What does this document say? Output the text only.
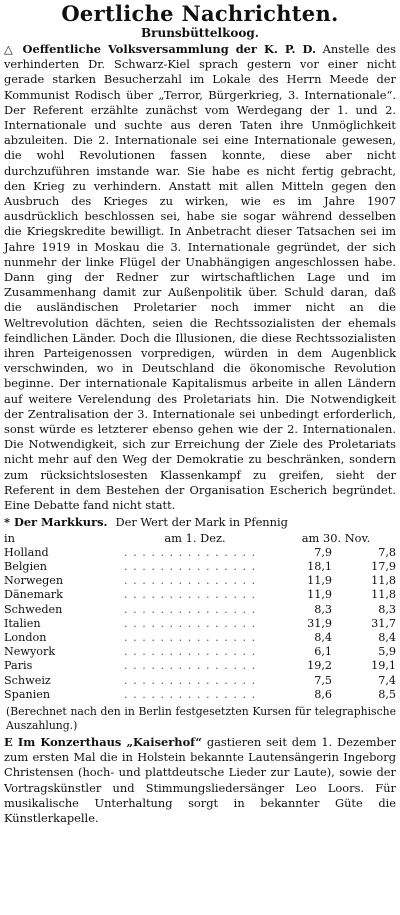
Oertliche Nachrichten.
Brunsbüttelkoog.

△ Oeffentliche Volksversammlung der K. P. D. Anstelle des verhinderten Dr. Schwarz-Kiel sprach gestern vor einer nicht gerade starken Besucherzahl im Lokale des Herrn Meede der Kommunist Rodisch über „Terror, Bürgerkrieg, 3. Internationale“. Der Referent erzählte zunächst vom Werdegang der 1. und 2. Internationale und suchte aus deren Taten ihre Unmöglichkeit abzuleiten. Die 2. Internationale sei eine Internationale gewesen, die wohl Revolutionen fassen konnte, diese aber nicht durchzuführen imstande war. Sie habe es nicht fertig gebracht, den Krieg zu verhindern. Anstatt mit allen Mitteln gegen den Ausbruch des Krieges zu wirken, wie es im Jahre 1907 ausdrücklich beschlossen sei, habe sie sogar während desselben die Kriegskredite bewilligt. In Anbetracht dieser Tatsachen sei im Jahre 1919 in Moskau die 3. Internationale gegründet, der sich nunmehr der linke Flügel der Unabhängigen angeschlossen habe. Dann ging der Redner zur wirtschaftlichen Lage und im Zusammenhang damit zur Außenpolitik über. Schuld daran, daß die ausländischen Proletarier noch immer nicht an die Weltrevolution dächten, seien die Rechtssozialisten der ehemals feindlichen Länder. Doch die Illusionen, die diese Rechtssozialisten ihren Parteigenossen vorpredigen, würden in dem Augenblick verschwinden, wo in Deutschland die ökonomische Revolution beginne. Der internationale Kapitalismus arbeite in allen Ländern auf weitere Verelendung des Proletariats hin. Die Notwendigkeit der Zentralisation der 3. Internationale sei unbedingt erforderlich, sonst würde es letzterer ebenso gehen wie der 2. Internationalen. Die Notwendigkeit, sich zur Erreichung der Ziele des Proletariats nicht mehr auf den Weg der Demokratie zu beschränken, sondern zum rücksichtslosesten Klassenkampf zu greifen, sieht der Referent in dem Bestehen der Organisation Escherich begründet. Eine Debatte fand nicht statt.

* Der Markkurs. Der Wert der Mark in Pfennig
in	am 1. Dez.	am 30. Nov.
Holland	. . . . . . . . . . . . . . .	7,9	7,8
Belgien	. . . . . . . . . . . . . . .	18,1	17,9
Norwegen	. . . . . . . . . . . . . . .	11,9	11,8
Dänemark	. . . . . . . . . . . . . . .	11,9	11,8
Schweden	. . . . . . . . . . . . . . .	8,3	8,3
Italien	. . . . . . . . . . . . . . .	31,9	31,7
London	. . . . . . . . . . . . . . .	8,4	8,4
Newyork	. . . . . . . . . . . . . . .	6,1	5,9
Paris	. . . . . . . . . . . . . . .	19,2	19,1
Schweiz	. . . . . . . . . . . . . . .	7,5	7,4
Spanien	. . . . . . . . . . . . . . .	8,6	8,5
(Berechnet nach den in Berlin festgesetzten Kursen für telegraphische Auszahlung.)

E Im Konzerthaus „Kaiserhof“ gastieren seit dem 1. Dezember zum ersten Mal die in Holstein bekannte Lautensängerin Ingeborg Christensen (hoch- und plattdeutsche Lieder zur Laute), sowie der Vortragskünstler und Stimmungsliedersänger Leo Loors. Für musikalische Unterhaltung sorgt in bekannter Güte die Künstlerkapelle.
